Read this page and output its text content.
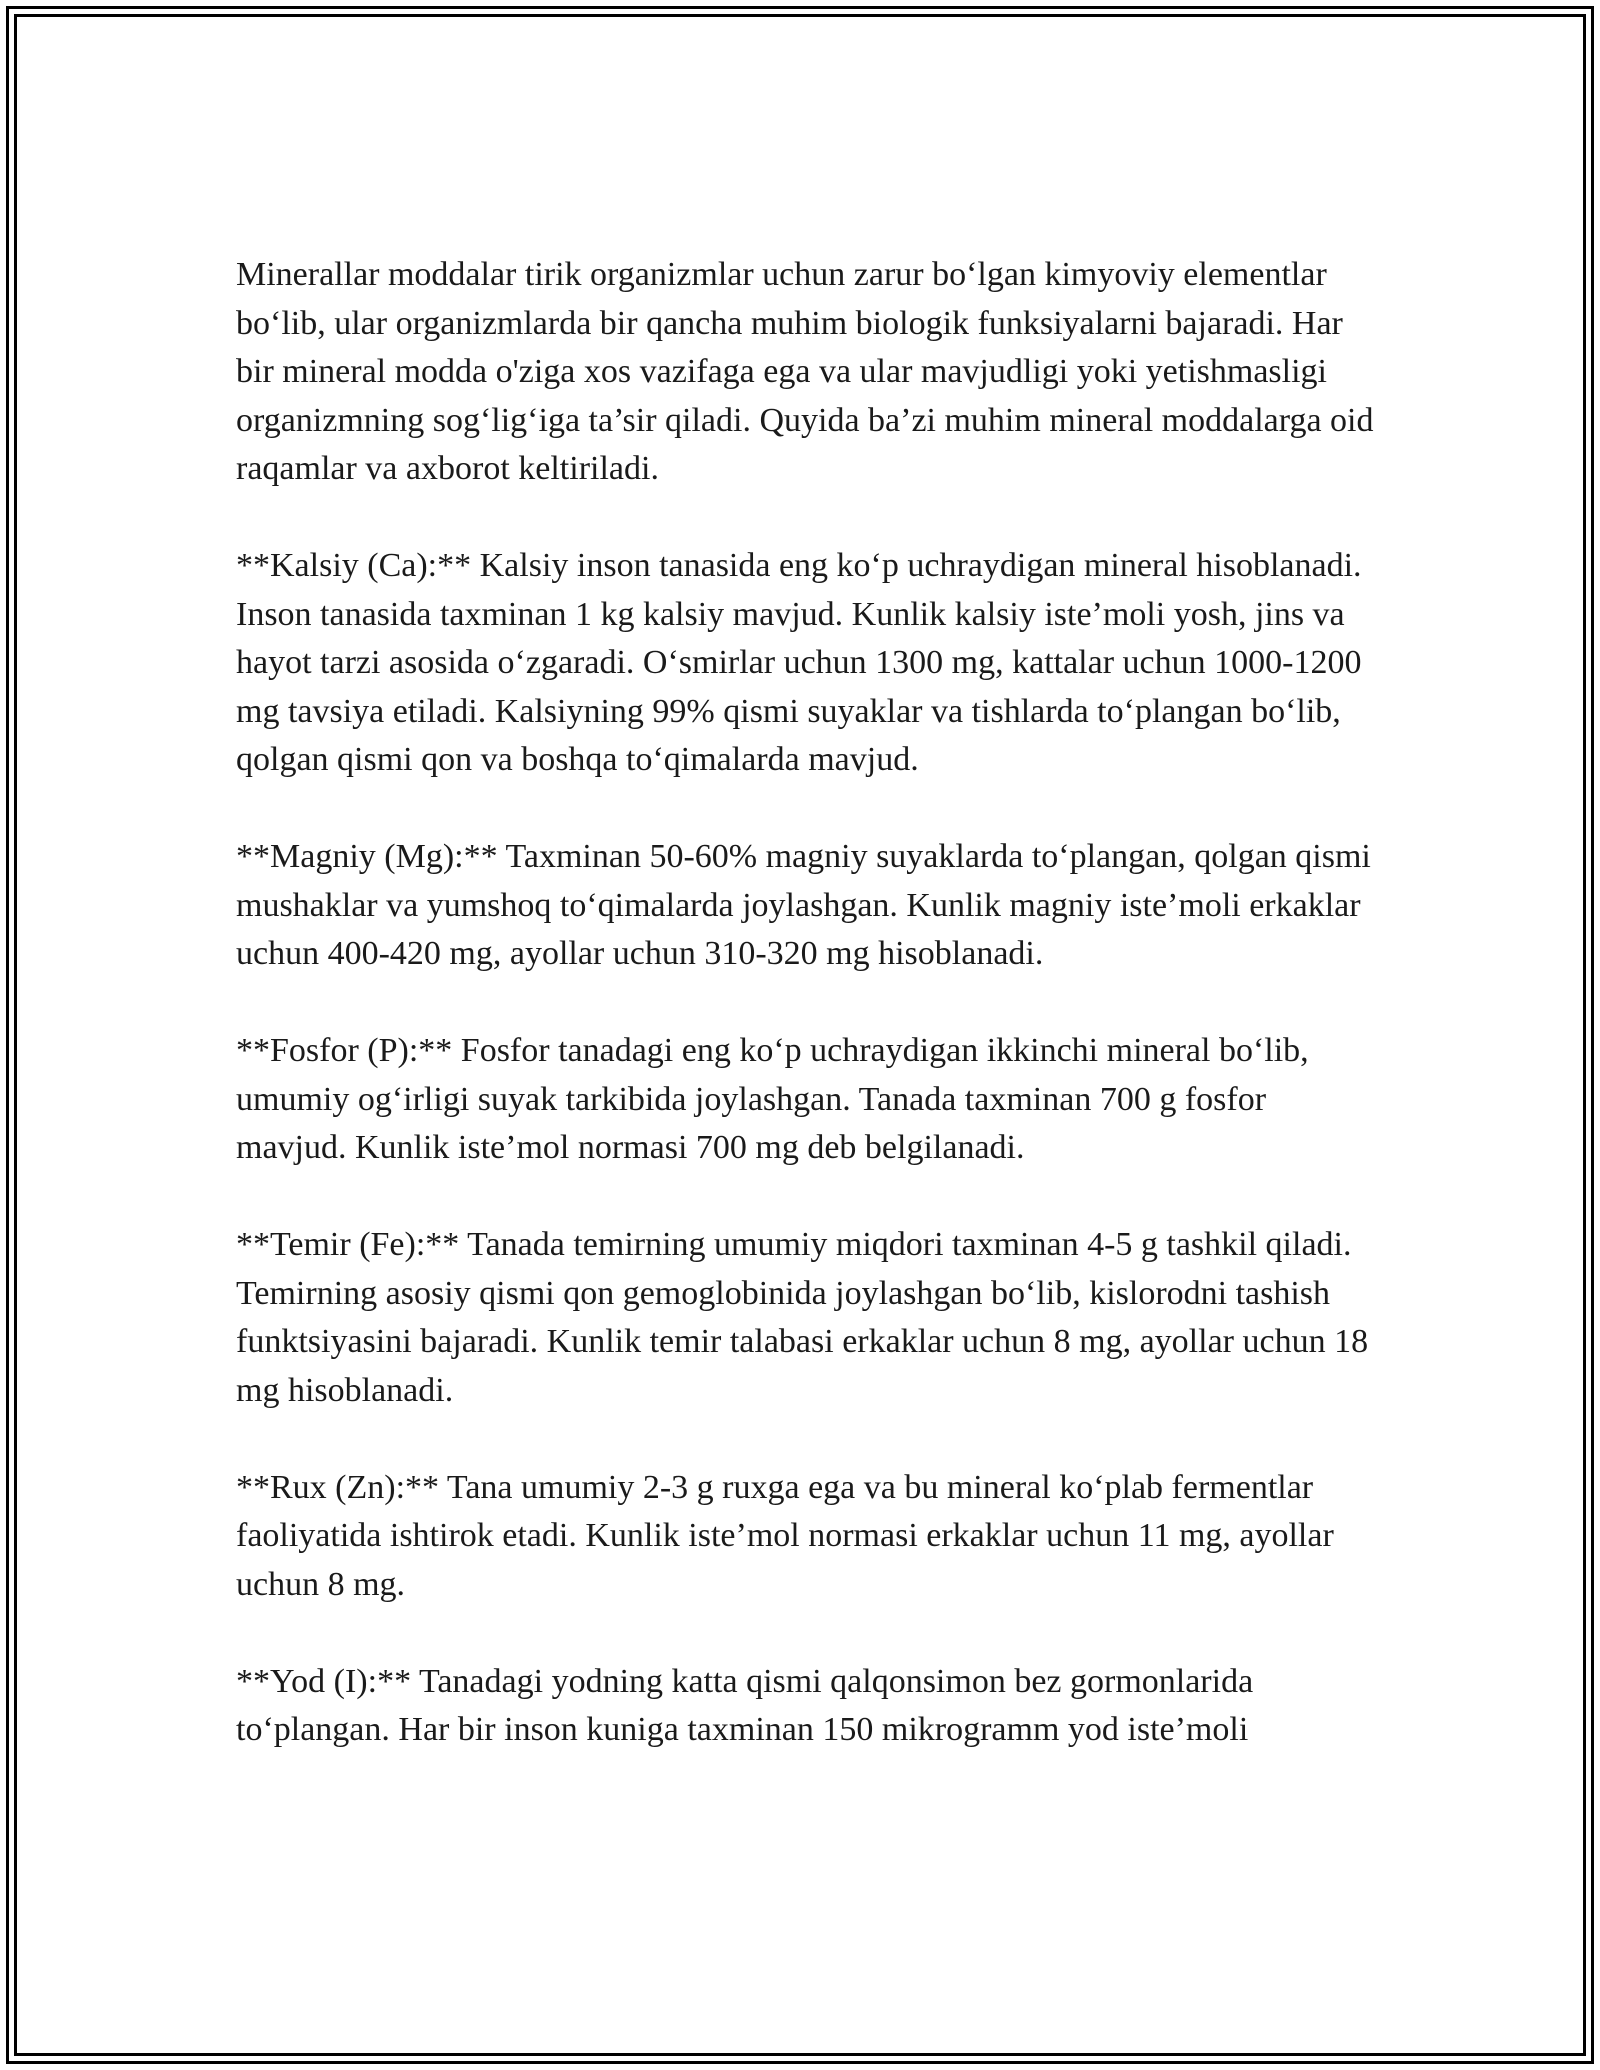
Minerallar moddalar tirik organizmlar uchun zarur bo‘lgan kimyoviy elementlar bo‘lib, ular organizmlarda bir qancha muhim biologik funksiyalarni bajaradi. Har bir mineral modda o'ziga xos vazifaga ega va ular mavjudligi yoki yetishmasligi organizmning sog‘lig‘iga ta’sir qiladi. Quyida ba’zi muhim mineral moddalarga oid raqamlar va axborot keltiriladi.

**Kalsiy (Ca):** Kalsiy inson tanasida eng ko‘p uchraydigan mineral hisoblanadi. Inson tanasida taxminan 1 kg kalsiy mavjud. Kunlik kalsiy iste’moli yosh, jins va hayot tarzi asosida o‘zgaradi. O‘smirlar uchun 1300 mg, kattalar uchun 1000-1200 mg tavsiya etiladi. Kalsiyning 99% qismi suyaklar va tishlarda to‘plangan bo‘lib, qolgan qismi qon va boshqa to‘qimalarda mavjud.

**Magniy (Mg):** Taxminan 50-60% magniy suyaklarda to‘plangan, qolgan qismi mushaklar va yumshoq to‘qimalarda joylashgan. Kunlik magniy iste’moli erkaklar uchun 400-420 mg, ayollar uchun 310-320 mg hisoblanadi.

**Fosfor (P):** Fosfor tanadagi eng ko‘p uchraydigan ikkinchi mineral bo‘lib, umumiy og‘irligi suyak tarkibida joylashgan. Tanada taxminan 700 g fosfor mavjud. Kunlik iste’mol normasi 700 mg deb belgilanadi.

**Temir (Fe):** Tanada temirning umumiy miqdori taxminan 4-5 g tashkil qiladi. Temirning asosiy qismi qon gemoglobinida joylashgan bo‘lib, kislorodni tashish funktsiyasini bajaradi. Kunlik temir talabasi erkaklar uchun 8 mg, ayollar uchun 18 mg hisoblanadi.

**Rux (Zn):** Tana umumiy 2-3 g ruxga ega va bu mineral ko‘plab fermentlar faoliyatida ishtirok etadi. Kunlik iste’mol normasi erkaklar uchun 11 mg, ayollar uchun 8 mg.

**Yod (I):** Tanadagi yodning katta qismi qalqonsimon bez gormonlarida to‘plangan. Har bir inson kuniga taxminan 150 mikrogramm yod iste’moli
